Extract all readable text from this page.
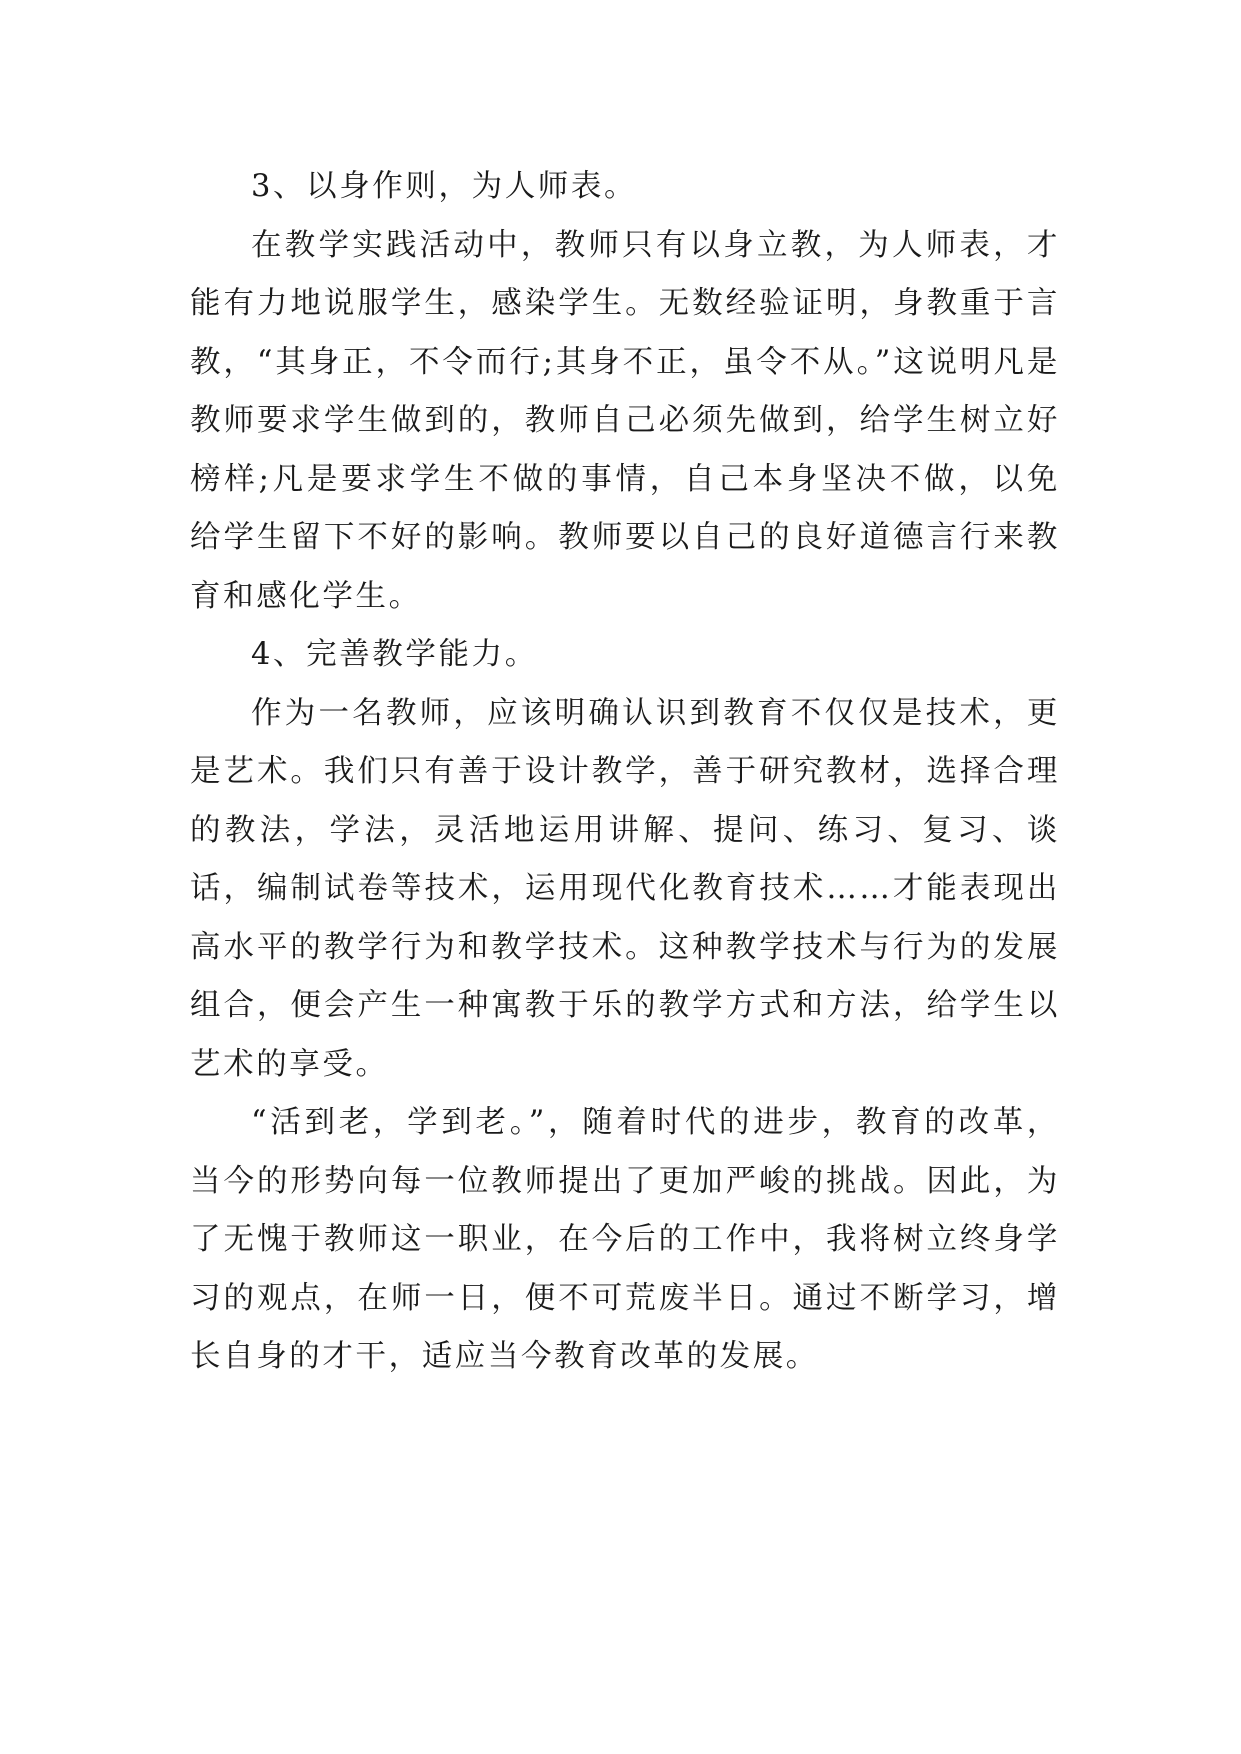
3、以身作则，为人师表。

在教学实践活动中，教师只有以身立教，为人师表，才能有力地说服学生，感染学生。无数经验证明，身教重于言教，“其身正，不令而行;其身不正，虽令不从。”这说明凡是教师要求学生做到的，教师自己必须先做到，给学生树立好榜样;凡是要求学生不做的事情，自己本身坚决不做，以免给学生留下不好的影响。教师要以自己的良好道德言行来教育和感化学生。

4、完善教学能力。

作为一名教师，应该明确认识到教育不仅仅是技术，更是艺术。我们只有善于设计教学，善于研究教材，选择合理的教法，学法，灵活地运用讲解、提问、练习、复习、谈话，编制试卷等技术，运用现代化教育技术……才能表现出高水平的教学行为和教学技术。这种教学技术与行为的发展组合，便会产生一种寓教于乐的教学方式和方法，给学生以艺术的享受。

“活到老，学到老。”，随着时代的进步，教育的改革，当今的形势向每一位教师提出了更加严峻的挑战。因此，为了无愧于教师这一职业，在今后的工作中，我将树立终身学习的观点，在师一日，便不可荒废半日。通过不断学习，增长自身的才干，适应当今教育改革的发展。
